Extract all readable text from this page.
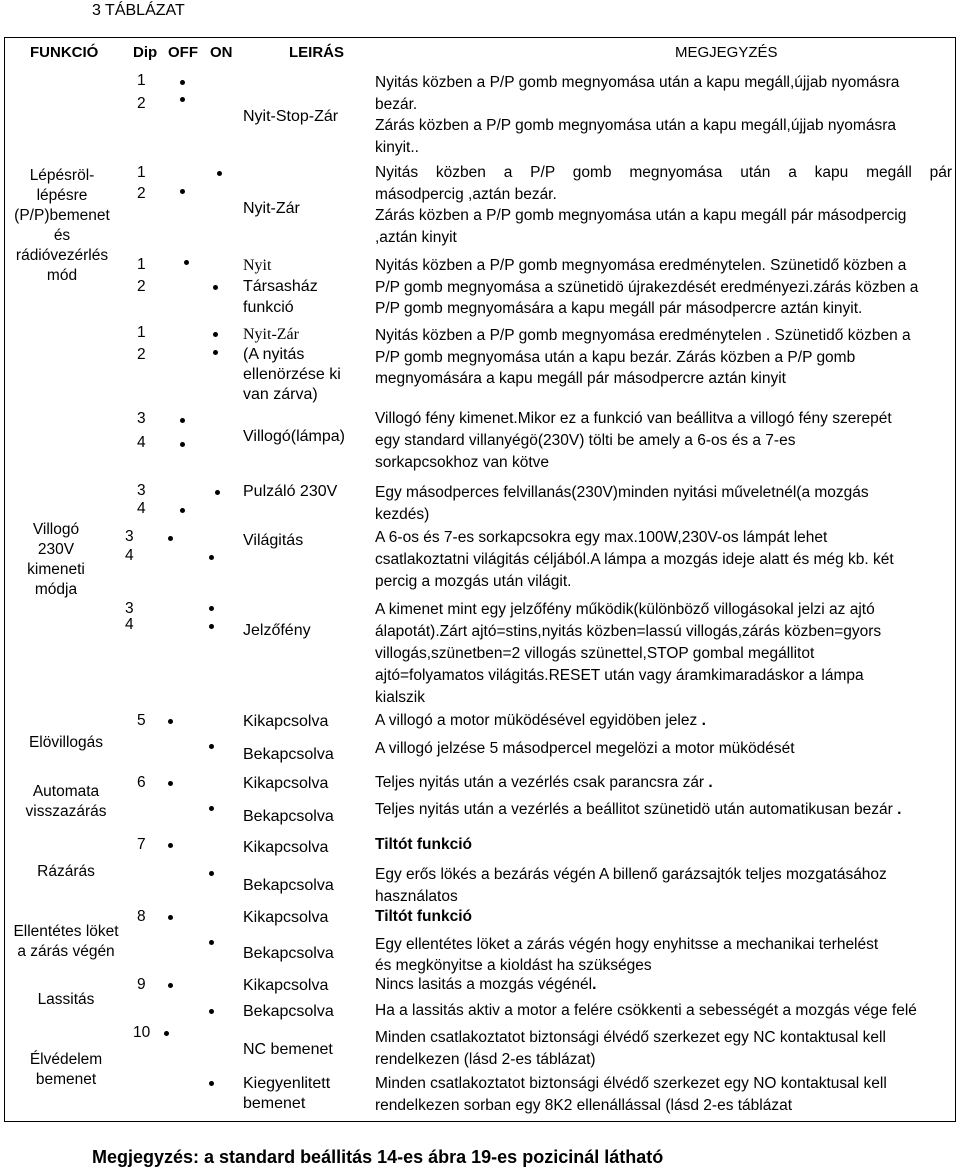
3 TÁBLÁZAT
FUNKCIÓ Dip OFF ON	LEIRÁS	MEGJEGYZÉS
Lépésröl-
lépésre
(P/P)bemenet
és
rádióvezérlés
mód
Villogó
230V
kimeneti
módja
Elövillogás
Automata
visszazárás
Rázárás
Ellentétes löket
a zárás végén
Lassitás
Élvédelem
bemenet
1
2
1
2
1
2
1
2
3
4
3
4
3
4
3
4
5
6
7
8
9
10
Nyit-Stop-Zár
Nyit-Zár
Nyit
Társasház
funkció
Nyit-Zár
(A nyitás
ellenörzése ki
van zárva)
Villogó(lámpa)
Pulzáló 230V
Világitás
Jelzőfény
Kikapcsolva
Bekapcsolva
Kikapcsolva
Bekapcsolva
Kikapcsolva
Bekapcsolva
Kikapcsolva
Bekapcsolva
Kikapcsolva
Bekapcsolva
NC bemenet
Kiegyenlitett
bemenet
Nyitás közben a P/P gomb megnyomása után a kapu megáll,újjab nyomásra
bezár.
Zárás közben a P/P gomb megnyomása után a kapu megáll,újjab nyomásra
kinyit..
Nyitás közben a P/P gomb megnyomása után a kapu megáll pár
másodpercig ,aztán bezár.
Zárás közben a P/P gomb megnyomása után a kapu megáll pár másodpercig
,aztán kinyit
Nyitás közben a P/P gomb megnyomása eredménytelen. Szünetidő közben a
P/P gomb megnyomása a szünetidö újrakezdését eredményezi.zárás közben a
P/P gomb megnyomására a kapu megáll pár másodpercre aztán kinyit.
Nyitás közben a P/P gomb megnyomása eredménytelen . Szünetidő közben a
P/P gomb megnyomása után a kapu bezár. Zárás közben a P/P gomb
megnyomására a kapu megáll pár másodpercre aztán kinyit
Villogó fény kimenet.Mikor ez a funkció van beállitva a villogó fény szerepét
egy standard villanyégö(230V) tölti be amely a 6-os és a 7-es
sorkapcsokhoz van kötve
Egy másodperces felvillanás(230V)minden nyitási műveletnél(a mozgás
kezdés)
A 6-os és 7-es sorkapcsokra egy max.100W,230V-os lámpát lehet
csatlakoztatni világitás céljából.A lámpa a mozgás ideje alatt és még kb. két
percig a mozgás után világit.
A kimenet mint egy jelzőfény működik(különböző villogásokal jelzi az ajtó
álapotát).Zárt ajtó=stins,nyitás közben=lassú villogás,zárás közben=gyors
villogás,szünetben=2 villogás szünettel,STOP gombal megállitot
ajtó=folyamatos világitás.RESET után vagy áramkimaradáskor a lámpa
kialszik
A villogó a motor müködésével egyidöben jelez .
A villogó jelzése 5 másodpercel megelözi a motor müködését
Teljes nyitás után a vezérlés csak parancsra zár .
Teljes nyitás után a vezérlés a beállitot szünetidö után automatikusan bezár .
Tiltót funkció
Egy erős lökés a bezárás végén A billenő garázsajtók teljes mozgatásához
használatos
Tiltót funkció
Egy ellentétes löket a zárás végén hogy enyhitsse a mechanikai terhelést
és megkönyitse a kioldást ha szükséges
Nincs lasitás a mozgás végénél.
Ha a lassitás aktiv a motor a felére csökkenti a sebességét a mozgás vége felé
Minden csatlakoztatot biztonsági élvédő szerkezet egy NC kontaktusal kell
rendelkezen (lásd 2-es táblázat)
Minden csatlakoztatot biztonsági élvédő szerkezet egy NO kontaktusal kell
rendelkezen sorban egy 8K2 ellenállással (lásd 2-es táblázat
Megjegyzés: a standard beállitás 14-es ábra 19-es pozicinál látható
